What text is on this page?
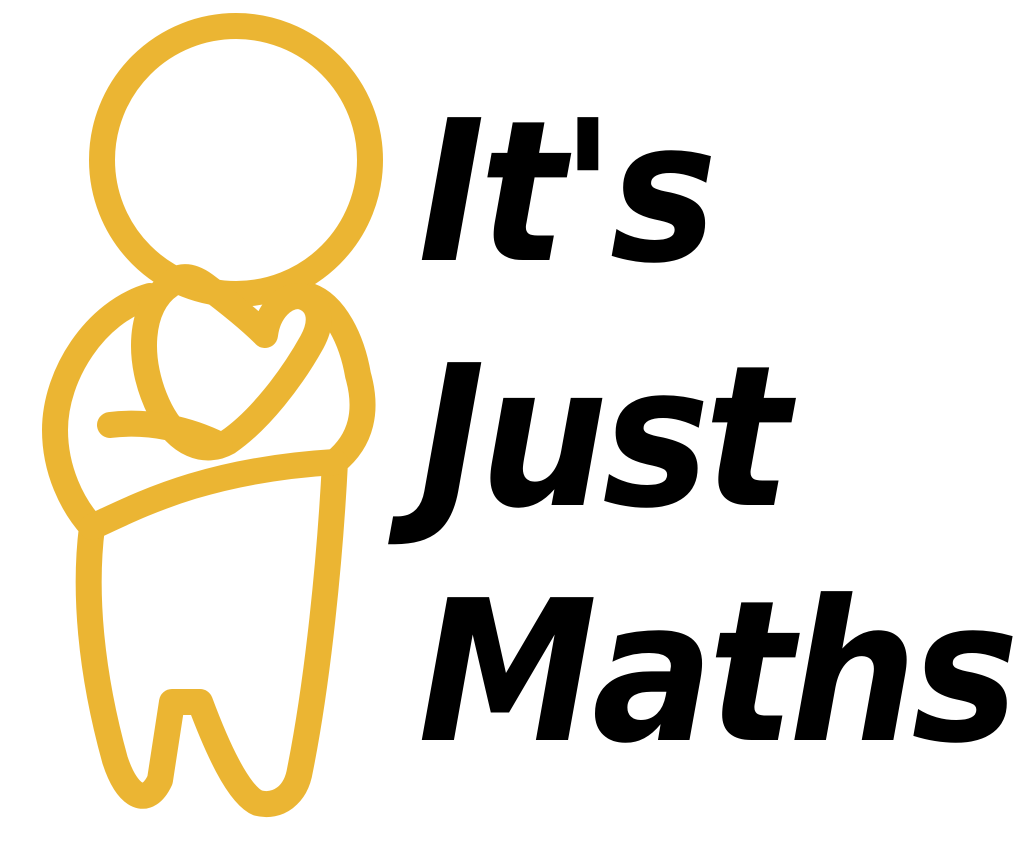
It's

Just

Maths
